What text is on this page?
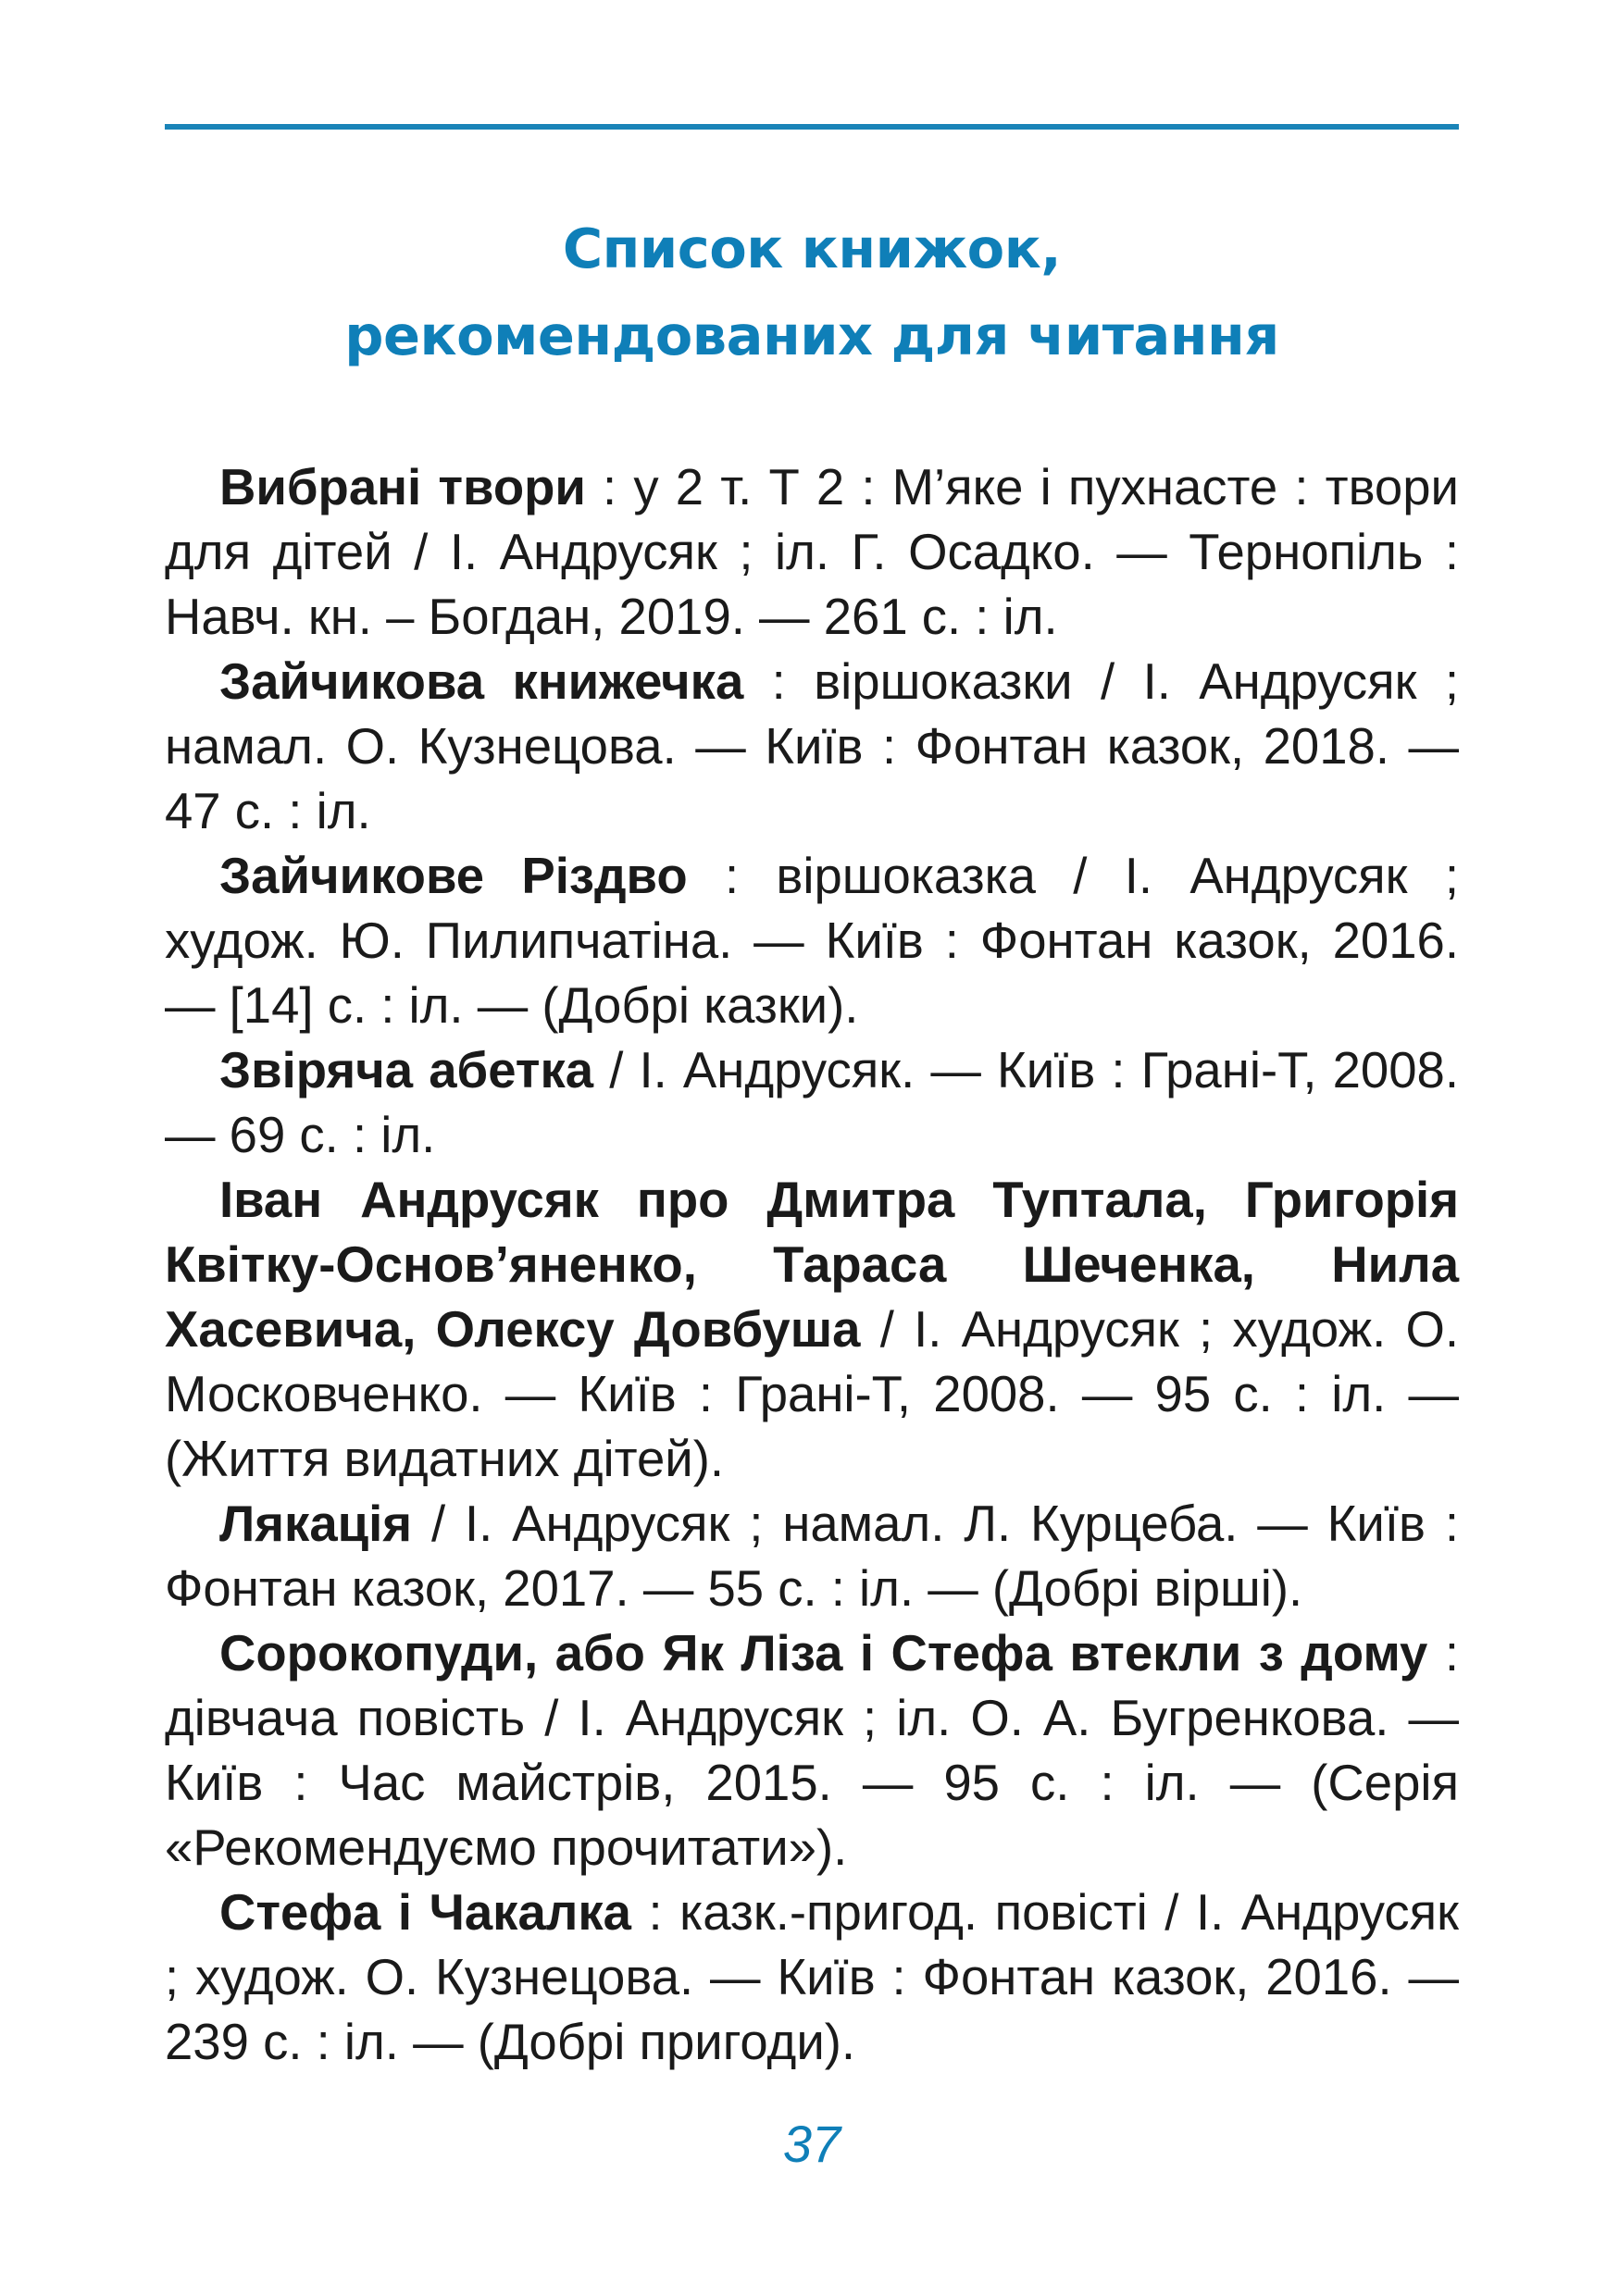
Список книжок,
рекомендованих для читання

Вибрані твори : у 2 т. Т 2 : М’яке і пухнасте : твори для дітей / І. Андрусяк ; іл. Г. Осадко. — Тернопіль : Навч. кн. – Богдан, 2019. — 261 с. : іл.

Зайчикова книжечка : віршоказки / І. Андрусяк ; намал. О. Кузнецова. — Київ : Фонтан казок, 2018. — 47 с. : іл.

Зайчикове Різдво : віршоказка / І. Андрусяк ; худож. Ю. Пилипчатіна. — Київ : Фонтан казок, 2016. — [14] с. : іл. — (Добрі казки).

Звіряча абетка / І. Андрусяк. — Київ : Грані-Т, 2008. — 69 с. : іл.

Іван Андрусяк про Дмитра Туптала, Григорія Квітку-Основ’яненко, Тараса Шеченка, Нила Хасевича, Олексу Довбуша / І. Андрусяк ; худож. О. Московченко. — Київ : Грані-Т, 2008. — 95 с. : іл. — (Життя видатних дітей).

Лякація / І. Андрусяк ; намал. Л. Курцеба. — Київ : Фонтан казок, 2017. — 55 с. : іл. — (Добрі вірші).

Сорокопуди, або Як Ліза і Стефа втекли з дому : дівчача повість / І. Андрусяк ; іл. О. А. Бугренкова. — Київ : Час майстрів, 2015. — 95 с. : іл. — (Серія «Рекомендуємо прочитати»).

Стефа і Чакалка : казк.-пригод. повісті / І. Андрусяк ; худож. О. Кузнецова. — Київ : Фонтан казок, 2016. — 239 с. : іл. — (Добрі пригоди).

37
